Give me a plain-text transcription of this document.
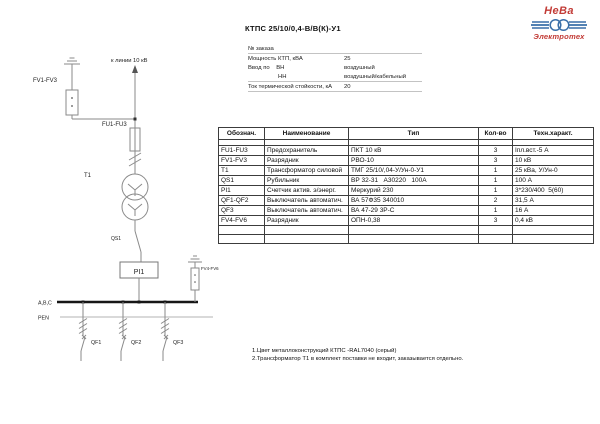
НеВа
Электротех
КТПС 25/10/0,4-В/В(К)-У1
№ заказа
Мощность КТП, кВА	25
Ввод по    ВН	воздушный
НН	воздушный/кабельный
Ток термической стойкости, кА	20
к линии 10 кВ
FV1-FV3
FU1-FU3
Т1
QS1
PI1
А,В,С
PEN
QF1	QF2	QF3
FV4-FV6
Обознач.	Наименование	Тип	Кол-во	Техн.характ.

FU1-FU3	Предохранитель	ПКТ 10 кВ	3	Iпл.вст.-5 А
FV1-FV3	Разрядник	РВО-10	3	10 кВ
Т1	Трансформатор силовой	ТМГ 25/10/,04-У/Ун-0-У1	1	25 кВа, У/Ун-0
QS1	Рубильник	ВР 32-31   А30220   100А	1	100 А
PI1	Счетчик актив. э/энерг.	Меркурий 230	1	3*230/400  5(60)
QF1-QF2	Выключатель автоматич.	ВА 57Ф35 340010	2	31,5 А
QF3	Выключатель автоматич.	ВА 47-29 3Р-С	1	16 А
FV4-FV6	Разрядник	ОПН-0,38	3	0,4 кВ

1.Цвет металлоконструкций КТПС -RAL7040 (серый)
2.Трансформатор Т1 в комплект поставки не входит, заказывается отдельно.
